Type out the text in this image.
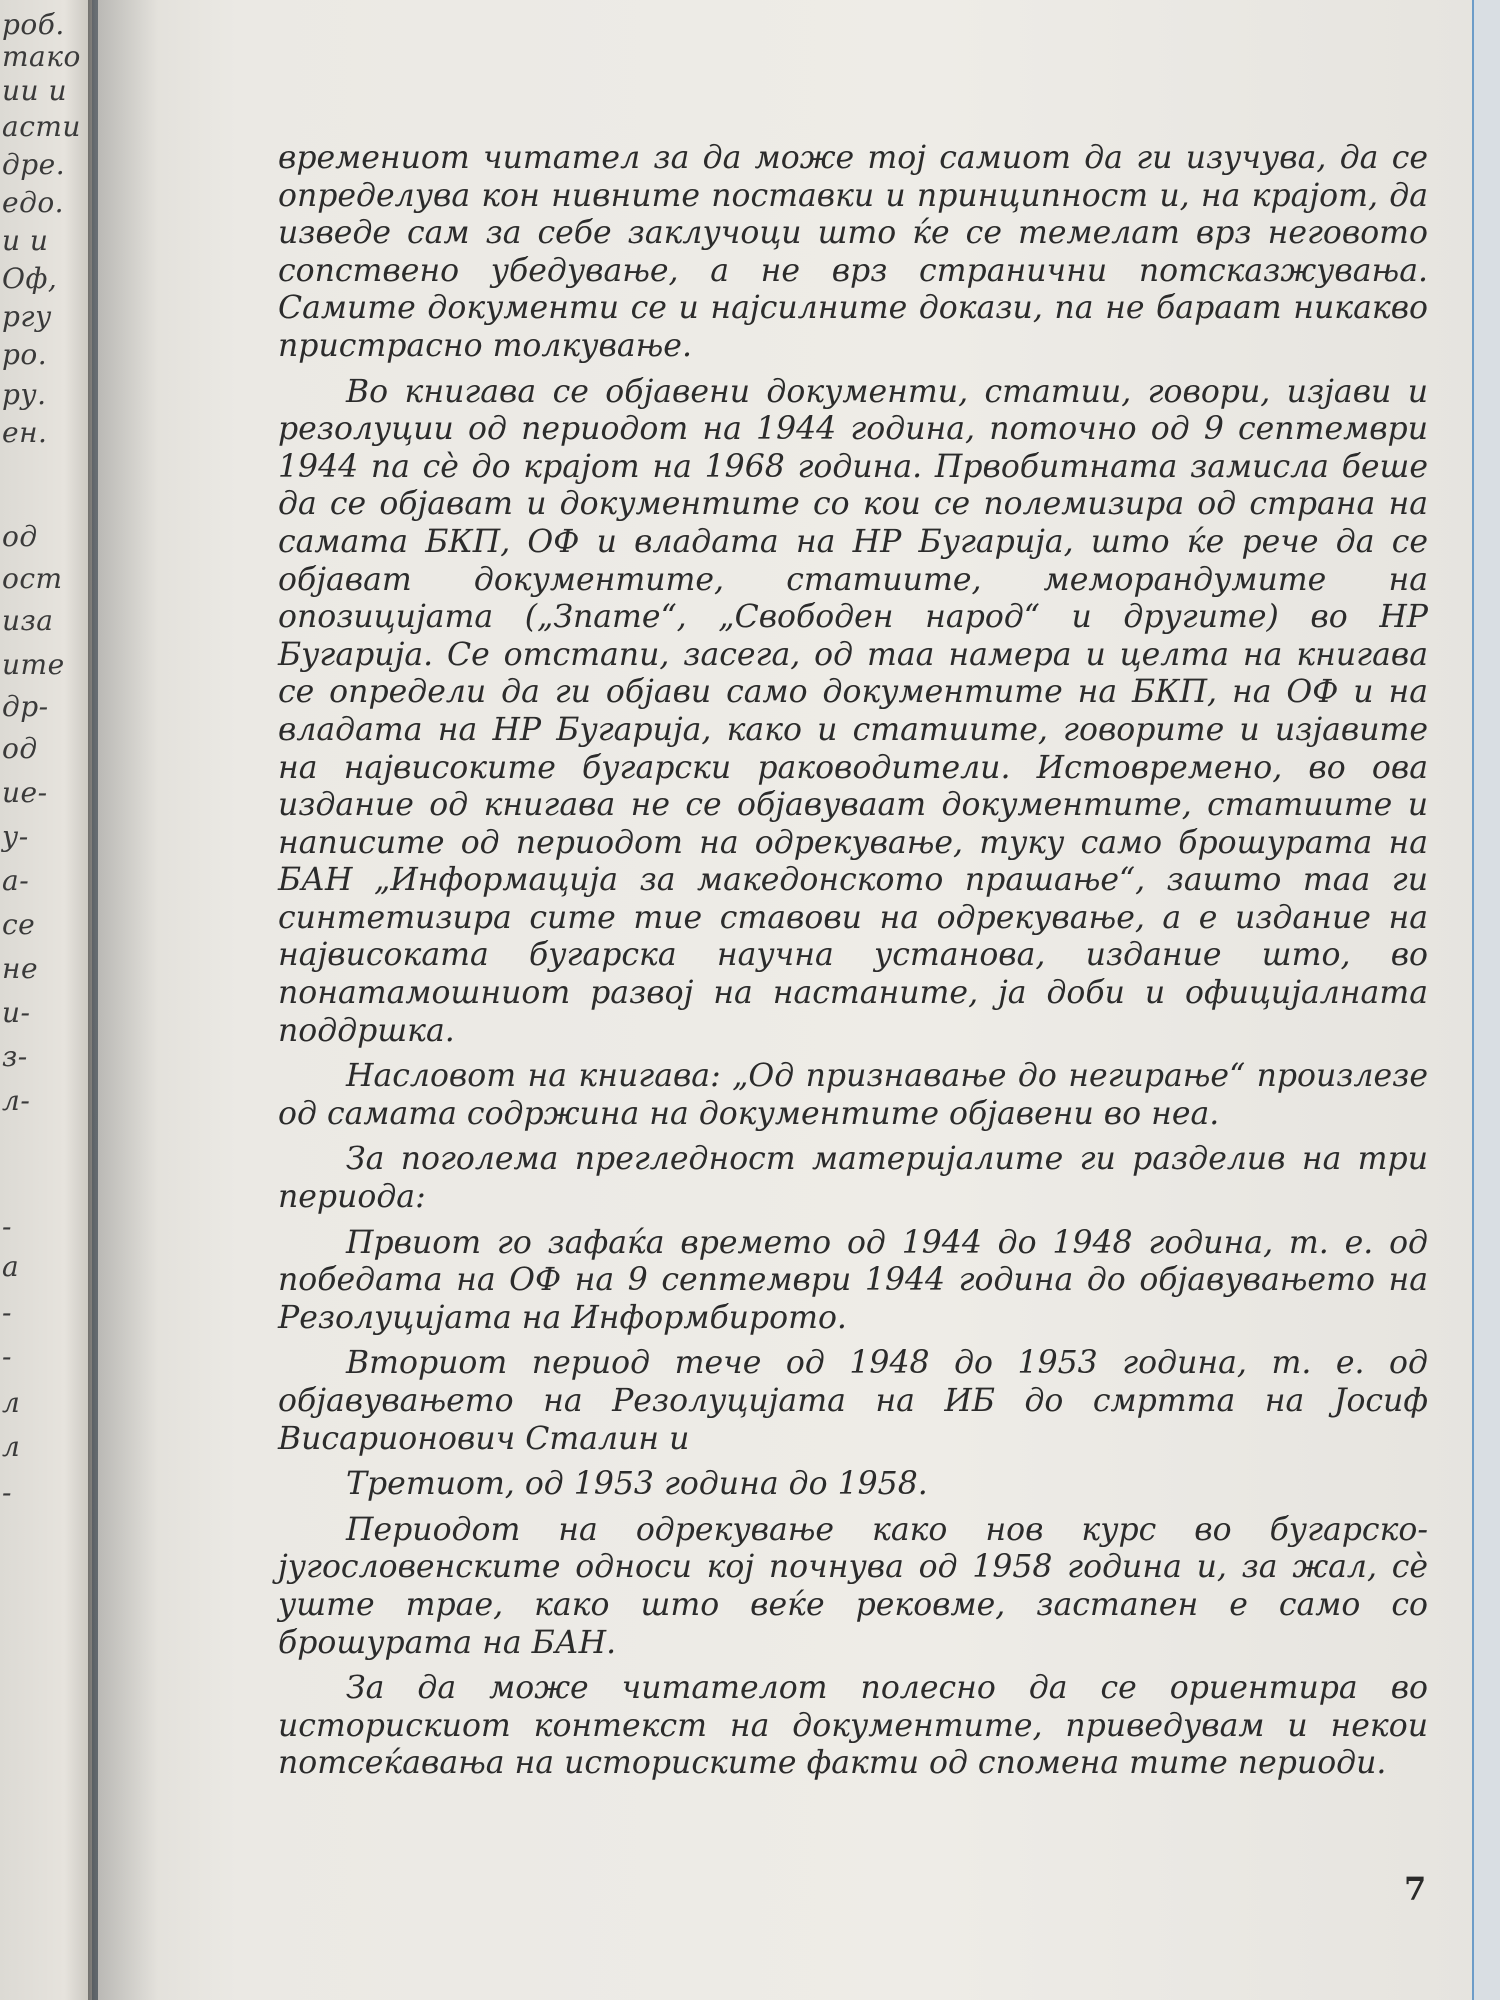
роб.
тако
ии и
асти
дре.
едо.
и и
Оф,
ргу
ро.
ру.
ен.
од
ост
иза
ите
др-
од
ие-
у-
а-
се
не
и-
з-
л-
-
а
-
-
л
л
-

времениот читател за да може тој самиот да ги изучува, да се определува кон нивните поставки и принципност и, на крајот, да изведе сам за себе заклучоци што ќе се темелат врз неговото сопствено убедување, а не врз странични потсказжувања. Самите документи се и најсилните докази, па не бараат никакво пристрасно толкување.

Во книгава се објавени документи, статии, говори, изјави и резолуции од периодот на 1944 година, поточно од 9 септември 1944 па сè до крајот на 1968 година. Првобитната замисла беше да се објават и документите со кои се полемизира од страна на самата БКП, ОФ и владата на НР Бугарија, што ќе рече да се објават документите, статиите, меморандумите на опозицијата („Зname“, „Свободен народ“ и другите) во НР Бугарија. Се отстапи, засега, од таа намера и целта на книгава се определи да ги објави само документите на БКП, на ОФ и на владата на НР Бугарија, како и статиите, говорите и изјавите на највисоките бугарски раководители. Истовремено, во ова издание од книгава не се објавуваат документите, статиите и написите од периодот на одрекување, туку само брошурата на БАН „Информација за македонското прашање“, зашто таа ги синтетизира сите тие ставови на одрекување, а е издание на највисоката бугарска научна установа, издание што, во понатамошниот развој на настаните, ја доби и официјалната поддршка.

Насловот на книгава: „Од признавање до негирање“ произлезе од самата содржина на документите објавени во неа.

За поголема прегледност материјалите ги разделив на три периода:

Првиот го зафаќа времето од 1944 до 1948 година, т. е. од победата на ОФ на 9 септември 1944 година до објавувањето на Резолуцијата на Информбирото.

Вториот период тече од 1948 до 1953 година, т. е. од објавувањето на Резолуцијата на ИБ до смртта на Јосиф Висарионович Сталин и

Третиот, од 1953 година до 1958.

Периодот на одрекување како нов курс во бугарско-југословенските односи кој почнува од 1958 година и, за жал, сè уште трае, како што веќе рековме, застапен е само со брошурата на БАН.

За да може читателот полесно да се ориентира во историскиот контекст на документите, приведувам и некои потсеќавања на историските факти од спомена тите периоди.

7
